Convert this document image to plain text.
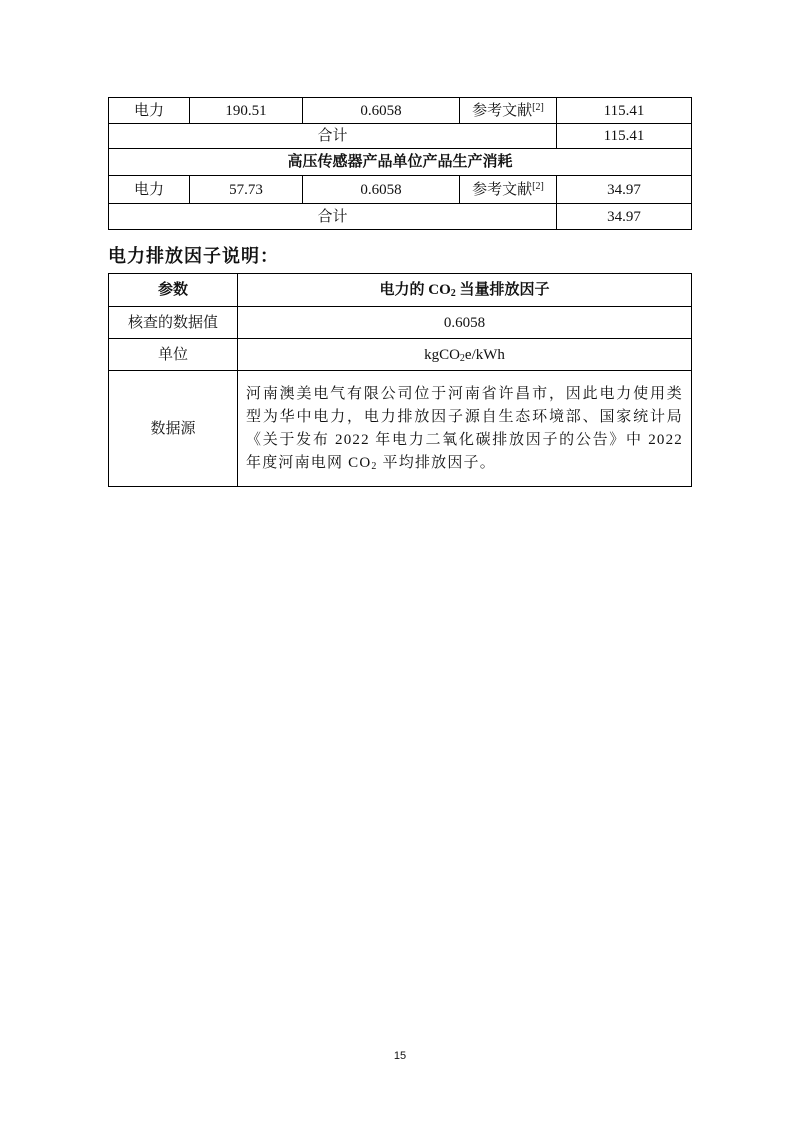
电力	190.51	0.6058	参考文献[2]	115.41
合计				115.41
高压传感器产品单位产品生产消耗				
电力	57.73	0.6058	参考文献[2]	34.97
合计				34.97
电力排放因子说明：
参数	电力的 $CO_2$ 当量排放因子
核查的数据值	0.6058
单位	kgCO$_2$e/kWh
数据源	河南澳美电气有限公司位于河南省许昌市，因此电力使用类型为华中电力，电力排放因子源自生态环境部、国家统计局《关于发布 2022 年电力二氧化碳排放因子的公告》中 2022 年度河南电网 $CO_2$ 平均排放因子。
15
